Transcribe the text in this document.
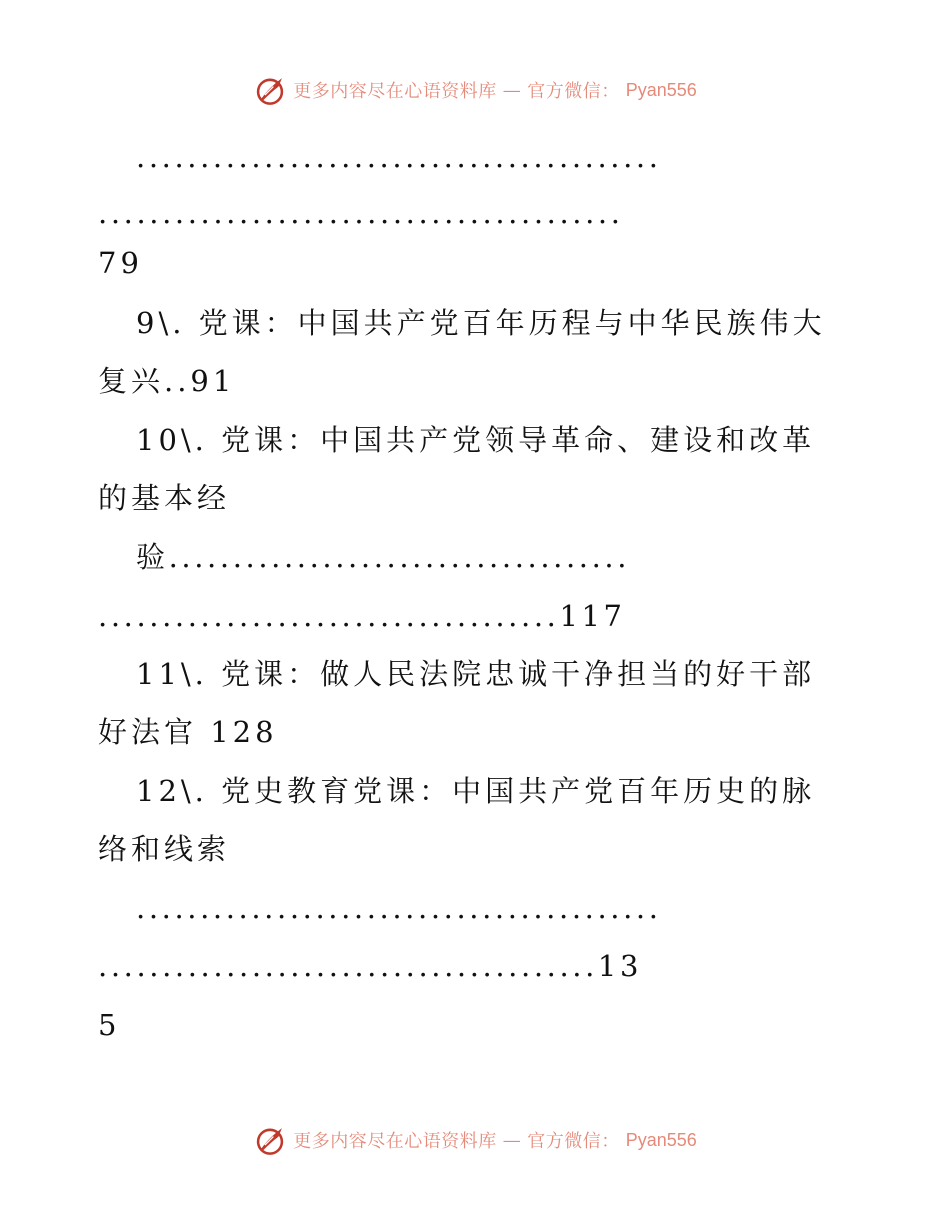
更多内容尽在心语资料库 — 官方微信： Pyan556
.........................................
.........................................
79
9\. 党课：中国共产党百年历程与中华民族伟大
复兴..91
10\. 党课：中国共产党领导革命、建设和改革
的基本经
验....................................
....................................117
11\. 党课：做人民法院忠诚干净担当的好干部
好法官 128
12\. 党史教育党课：中国共产党百年历史的脉
络和线索
.........................................
.......................................13
5
更多内容尽在心语资料库 — 官方微信： Pyan556
